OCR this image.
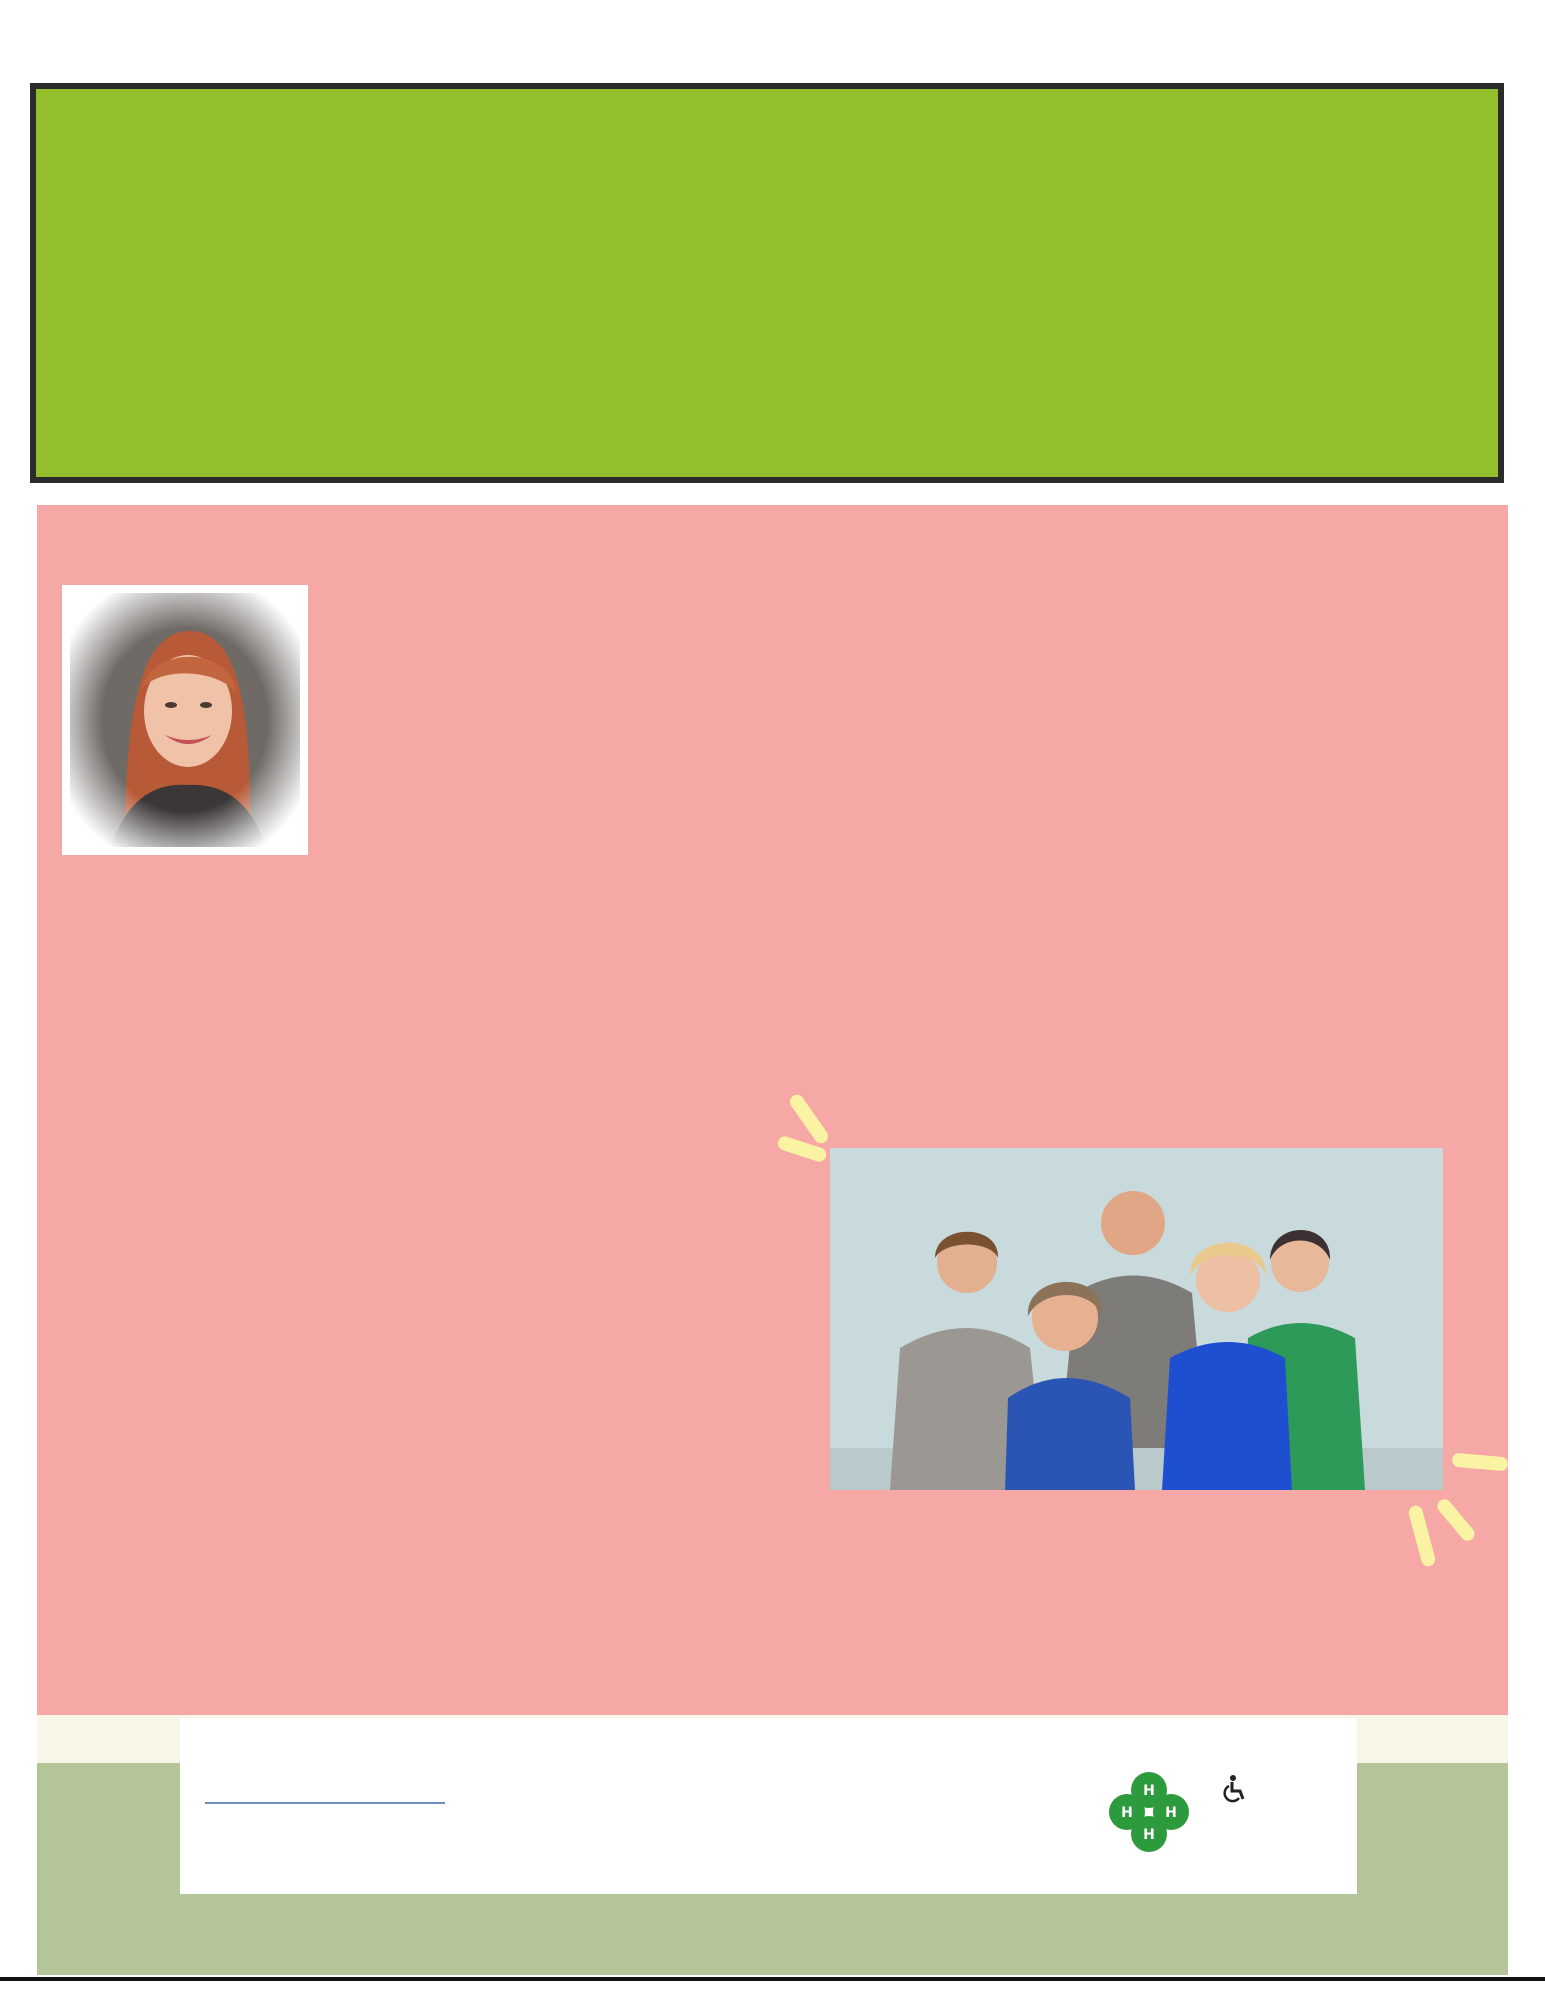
H
H
H H
